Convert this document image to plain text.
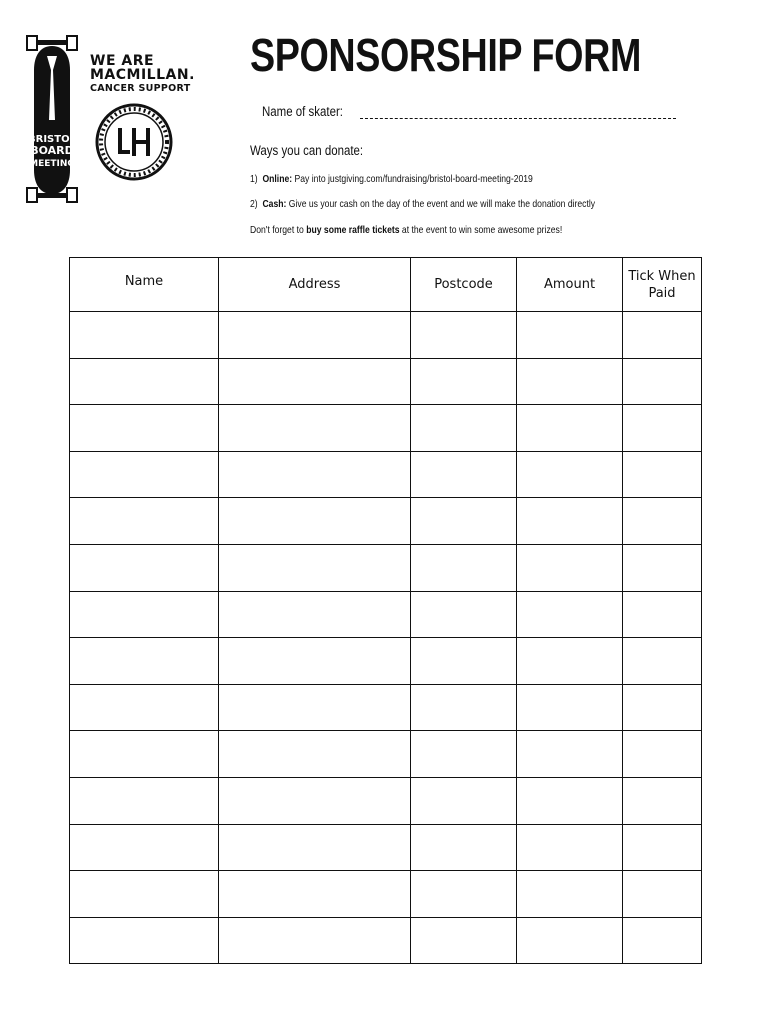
BRISTOL
BOARD
MEETING
WE ARE
MACMILLAN.
CANCER SUPPORT
SPONSORSHIP FORM
Name of skater:
Ways you can donate:
1) Online: Pay into justgiving.com/fundraising/bristol-board-meeting-2019
2) Cash: Give us your cash on the day of the event and we will make the donation directly
Don't forget to buy some raffle tickets at the event to win some awesome prizes!
Name	Address	Postcode	Amount	Tick When
Paid
